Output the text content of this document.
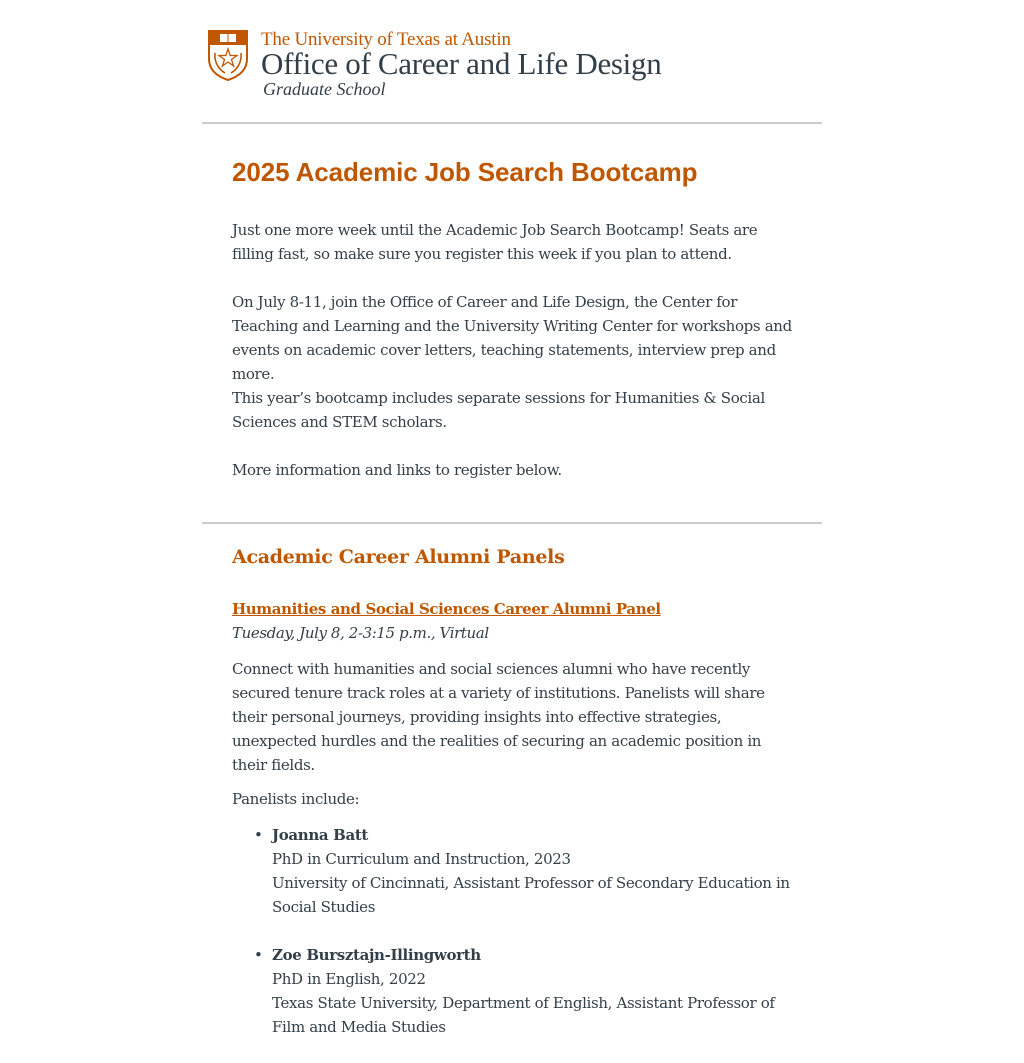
The University of Texas at Austin
Office of Career and Life Design
Graduate School
2025 Academic Job Search Bootcamp

Just one more week until the Academic Job Search Bootcamp! Seats are filling fast, so make sure you register this week if you plan to attend.

On July 8-11, join the Office of Career and Life Design, the Center for Teaching and Learning and the University Writing Center for workshops and events on academic cover letters, teaching statements, interview prep and more.

This year’s bootcamp includes separate sessions for Humanities & Social Sciences and STEM scholars.

More information and links to register below.

Academic Career Alumni Panels
Humanities and Social Sciences Career Alumni Panel
Tuesday, July 8, 2-3:15 p.m., Virtual

Connect with humanities and social sciences alumni who have recently secured tenure track roles at a variety of institutions. Panelists will share their personal journeys, providing insights into effective strategies, unexpected hurdles and the realities of securing an academic position in their fields.

Panelists include:

• Joanna Batt
PhD in Curriculum and Instruction, 2023
University of Cincinnati, Assistant Professor of Secondary Education in Social Studies
• Zoe Bursztajn-Illingworth
PhD in English, 2022
Texas State University, Department of English, Assistant Professor of Film and Media Studies
